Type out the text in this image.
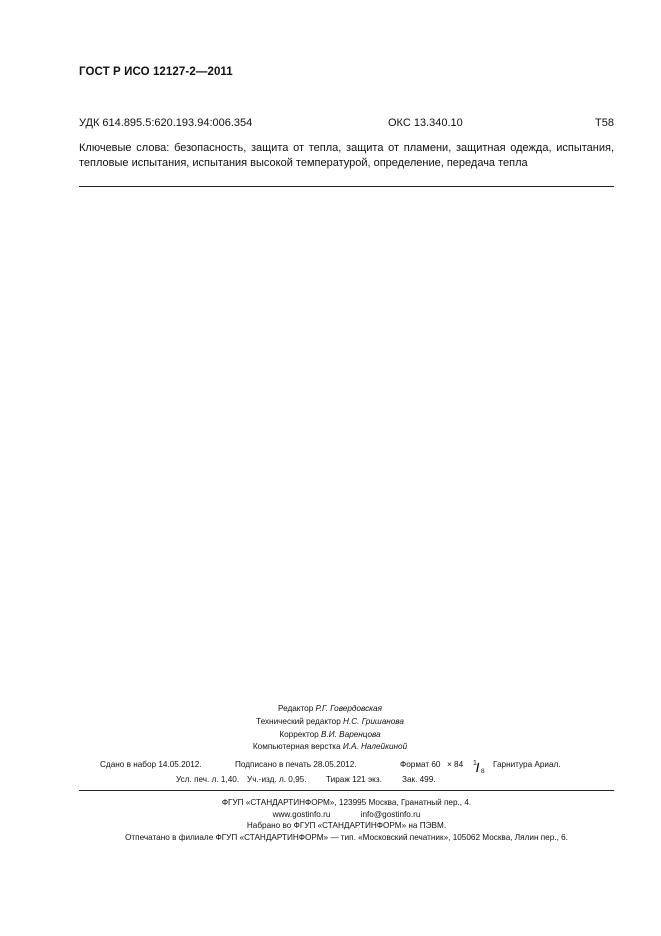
ГОСТ Р ИСО 12127-2—2011
УДК 614.895.5:620.193.94:006.354	ОКС 13.340.10	Т58
Ключевые слова: безопасность, защита от тепла, защита от пламени, защитная одежда, испытания, тепловые испытания, испытания высокой температурой, определение, передача тепла
Редактор Р.Г. Говердовская
Технический редактор Н.С. Гришанова
Корректор В.И. Варенцова
Компьютерная верстка И.А. Налейкиной
Сдано в набор 14.05.2012.	Подписано в печать 28.05.2012.	Формат 60 × 84 1 / 8
Гарнитура Ариал.
Усл. печ. л. 1,40. Уч.-изд. л. 0,95. Тираж 121 экз. Зак. 499.
ФГУП «СТАНДАРТИНФОРМ», 123995 Москва, Гранатный пер., 4.
www.gostinfo.ru	info@gostinfo.ru
Набрано во ФГУП «СТАНДАРТИНФОРМ» на ПЭВМ.
Отпечатано в филиале ФГУП «СТАНДАРТИНФОРМ» — тип. «Московский печатник», 105062 Москва, Лялин пер., 6.
